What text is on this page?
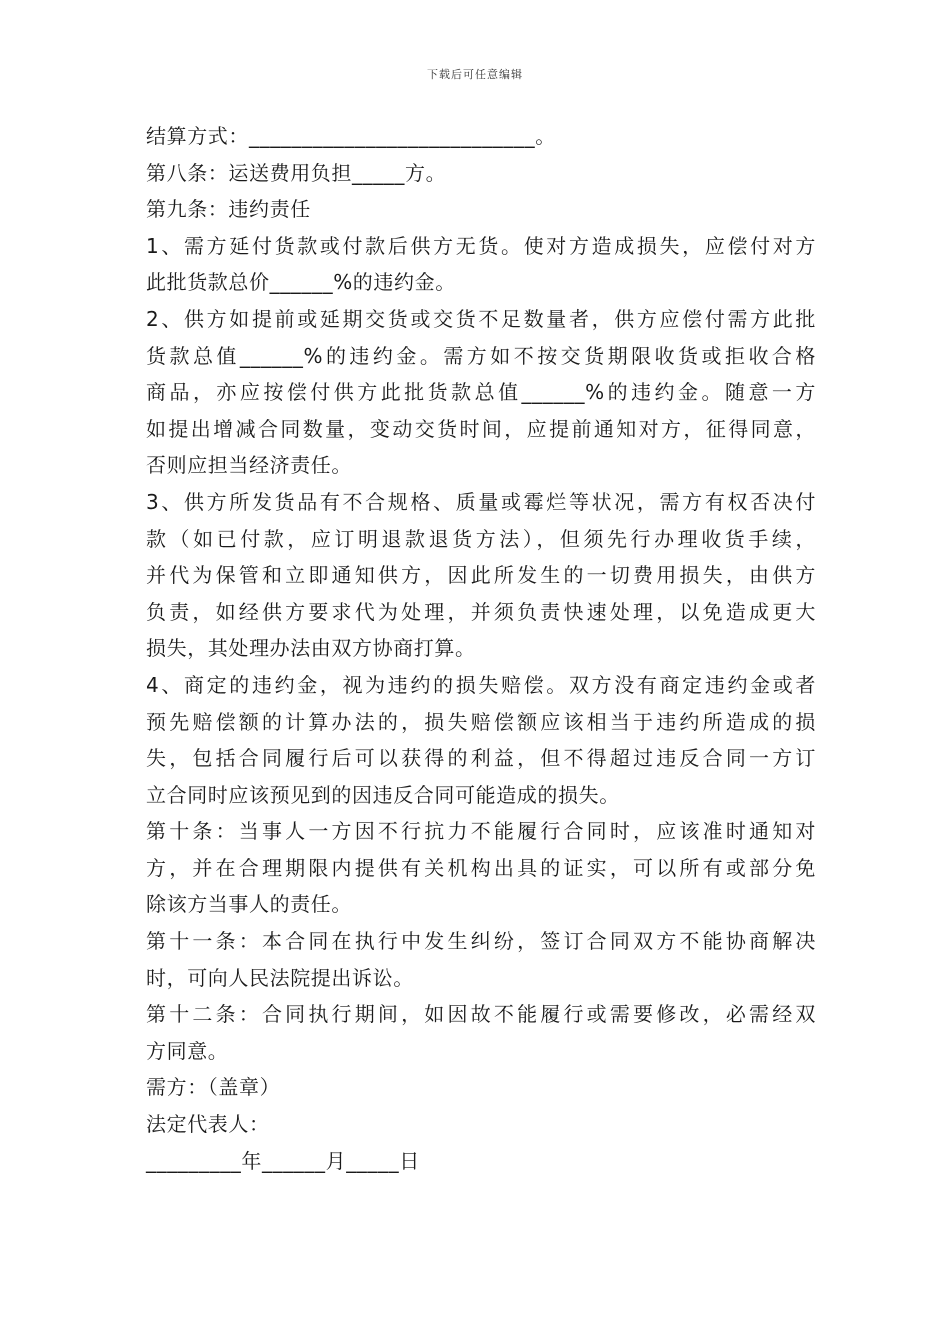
下载后可任意编辑
结算方式：___________________________。
第八条：运送费用负担_____方。
第九条：违约责任
1、需方延付货款或付款后供方无货。使对方造成损失，应偿付对方
此批货款总价______%的违约金。
2、供方如提前或延期交货或交货不足数量者，供方应偿付需方此批
货款总值______%的违约金。需方如不按交货期限收货或拒收合格
商品，亦应按偿付供方此批货款总值______%的违约金。随意一方
如提出增减合同数量，变动交货时间，应提前通知对方，征得同意，
否则应担当经济责任。
3、供方所发货品有不合规格、质量或霉烂等状况，需方有权否决付
款（如已付款，应订明退款退货方法），但须先行办理收货手续，
并代为保管和立即通知供方，因此所发生的一切费用损失，由供方
负责，如经供方要求代为处理，并须负责快速处理，以免造成更大
损失，其处理办法由双方协商打算。
4、商定的违约金，视为违约的损失赔偿。双方没有商定违约金或者
预先赔偿额的计算办法的，损失赔偿额应该相当于违约所造成的损
失，包括合同履行后可以获得的利益，但不得超过违反合同一方订
立合同时应该预见到的因违反合同可能造成的损失。
第十条：当事人一方因不行抗力不能履行合同时，应该准时通知对
方，并在合理期限内提供有关机构出具的证实，可以所有或部分免
除该方当事人的责任。
第十一条：本合同在执行中发生纠纷，签订合同双方不能协商解决
时，可向人民法院提出诉讼。
第十二条：合同执行期间，如因故不能履行或需要修改，必需经双
方同意。
需方：（盖章）
法定代表人：
_________年______月_____日
